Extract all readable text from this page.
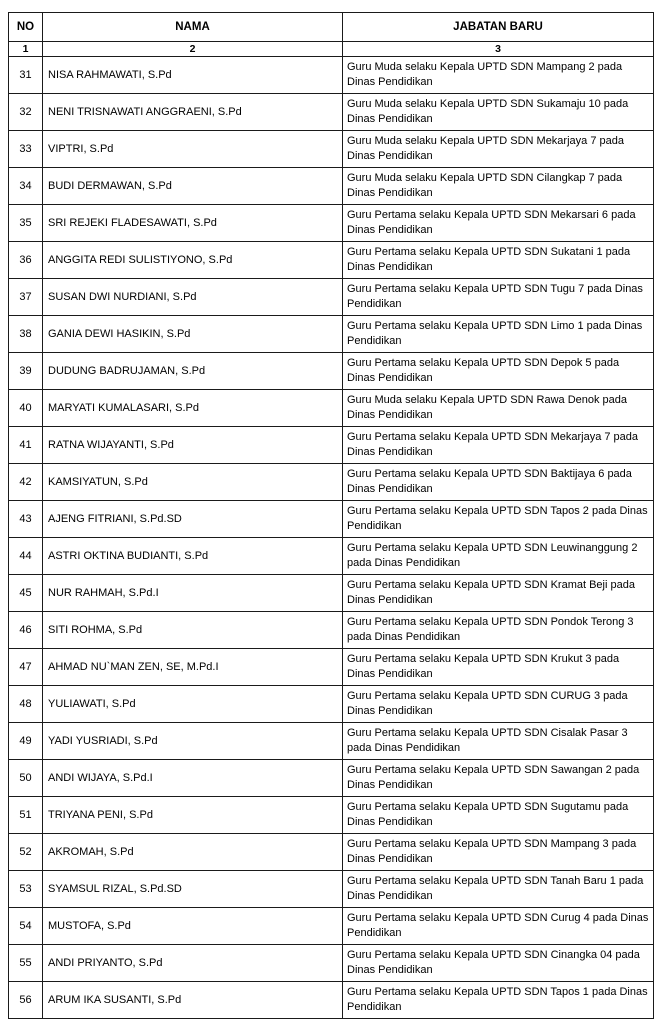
NO	NAMA	JABATAN BARU
1	2	3
31	NISA RAHMAWATI, S.Pd	Guru Muda selaku Kepala UPTD SDN Mampang 2 pada Dinas Pendidikan
32	NENI TRISNAWATI ANGGRAENI, S.Pd	Guru Muda selaku Kepala UPTD SDN Sukamaju 10 pada Dinas Pendidikan
33	VIPTRI, S.Pd	Guru Muda selaku Kepala UPTD SDN Mekarjaya 7 pada Dinas Pendidikan
34	BUDI DERMAWAN, S.Pd	Guru Muda selaku Kepala UPTD SDN Cilangkap 7 pada Dinas Pendidikan
35	SRI REJEKI FLADESAWATI, S.Pd	Guru Pertama selaku Kepala UPTD SDN Mekarsari 6 pada Dinas Pendidikan
36	ANGGITA REDI SULISTIYONO, S.Pd	Guru Pertama selaku Kepala UPTD SDN Sukatani 1 pada Dinas Pendidikan
37	SUSAN DWI NURDIANI, S.Pd	Guru Pertama selaku Kepala UPTD SDN Tugu 7 pada Dinas Pendidikan
38	GANIA DEWI HASIKIN, S.Pd	Guru Pertama selaku Kepala UPTD SDN Limo 1 pada Dinas Pendidikan
39	DUDUNG BADRUJAMAN, S.Pd	Guru Pertama selaku Kepala UPTD SDN Depok 5 pada Dinas Pendidikan
40	MARYATI KUMALASARI, S.Pd	Guru Muda selaku Kepala UPTD SDN Rawa Denok pada Dinas Pendidikan
41	RATNA WIJAYANTI, S.Pd	Guru Pertama selaku Kepala UPTD SDN Mekarjaya 7 pada Dinas Pendidikan
42	KAMSIYATUN, S.Pd	Guru Pertama selaku Kepala UPTD SDN Baktijaya 6 pada Dinas Pendidikan
43	AJENG FITRIANI, S.Pd.SD	Guru Pertama selaku Kepala UPTD SDN Tapos 2 pada Dinas Pendidikan
44	ASTRI OKTINA BUDIANTI, S.Pd	Guru Pertama selaku Kepala UPTD SDN Leuwinanggung 2 pada Dinas Pendidikan
45	NUR RAHMAH, S.Pd.I	Guru Pertama selaku Kepala UPTD SDN Kramat Beji pada Dinas Pendidikan
46	SITI ROHMA, S.Pd	Guru Pertama selaku Kepala UPTD SDN Pondok Terong 3 pada Dinas Pendidikan
47	AHMAD NU`MAN ZEN, SE, M.Pd.I	Guru Pertama selaku Kepala UPTD SDN Krukut 3 pada Dinas Pendidikan
48	YULIAWATI, S.Pd	Guru Pertama selaku Kepala UPTD SDN CURUG 3 pada Dinas Pendidikan
49	YADI YUSRIADI, S.Pd	Guru Pertama selaku Kepala UPTD SDN Cisalak Pasar 3 pada Dinas Pendidikan
50	ANDI WIJAYA, S.Pd.I	Guru Pertama selaku Kepala UPTD SDN Sawangan 2 pada Dinas Pendidikan
51	TRIYANA PENI, S.Pd	Guru Pertama selaku Kepala UPTD SDN Sugutamu pada Dinas Pendidikan
52	AKROMAH, S.Pd	Guru Pertama selaku Kepala UPTD SDN Mampang 3 pada Dinas Pendidikan
53	SYAMSUL RIZAL, S.Pd.SD	Guru Pertama selaku Kepala UPTD SDN Tanah Baru 1 pada Dinas Pendidikan
54	MUSTOFA, S.Pd	Guru Pertama selaku Kepala UPTD SDN Curug 4 pada Dinas Pendidikan
55	ANDI PRIYANTO, S.Pd	Guru Pertama selaku Kepala UPTD SDN Cinangka 04 pada Dinas Pendidikan
56	ARUM IKA SUSANTI, S.Pd	Guru Pertama selaku Kepala UPTD SDN Tapos 1 pada Dinas Pendidikan
